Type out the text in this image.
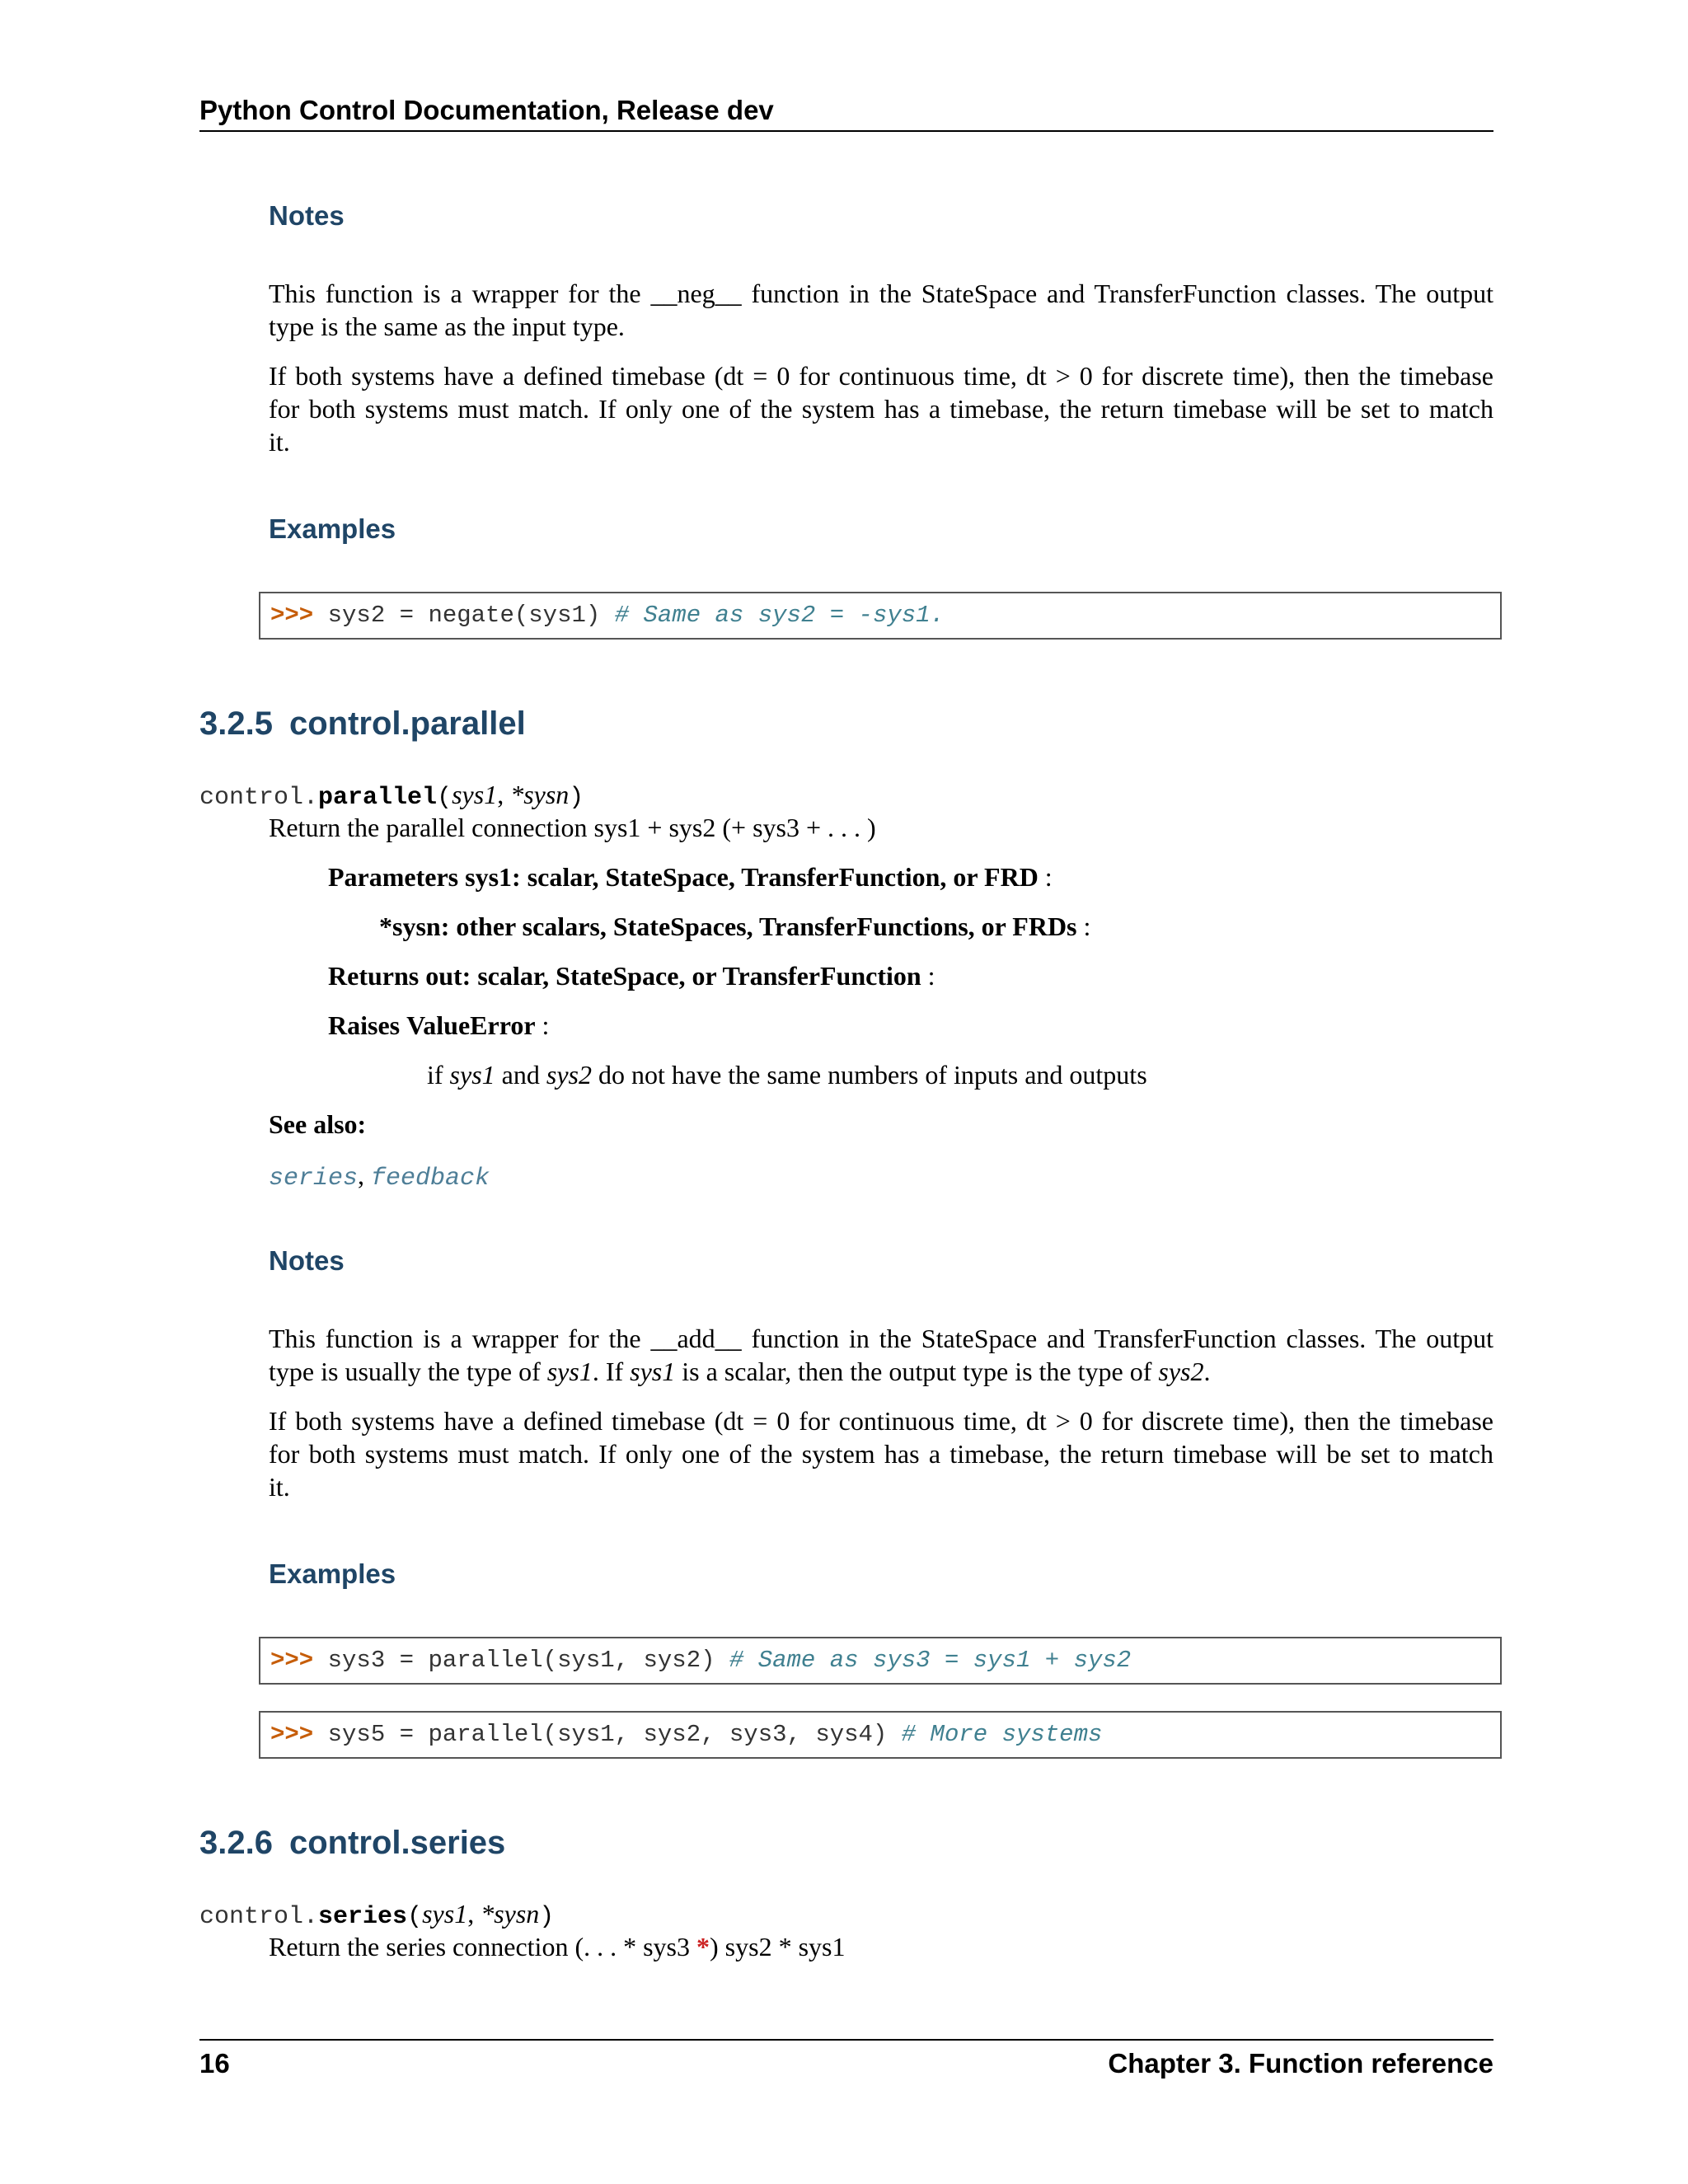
Python Control Documentation, Release dev
Notes
This function is a wrapper for the __neg__ function in the StateSpace and TransferFunction classes. The output
type is the same as the input type.
If both systems have a defined timebase (dt = 0 for continuous time, dt > 0 for discrete time), then the timebase
for both systems must match. If only one of the system has a timebase, the return timebase will be set to match
it.
Examples
>>> sys2 = negate(sys1) # Same as sys2 = -sys1.
3.2.5 control.parallel
control.parallel(sys1, *sysn)
Return the parallel connection sys1 + sys2 (+ sys3 + . . . )
Parameters sys1: scalar, StateSpace, TransferFunction, or FRD :
*sysn: other scalars, StateSpaces, TransferFunctions, or FRDs :
Returns out: scalar, StateSpace, or TransferFunction :
Raises ValueError :
if sys1 and sys2 do not have the same numbers of inputs and outputs
See also:
series, feedback
Notes
This function is a wrapper for the __add__ function in the StateSpace and TransferFunction classes. The output
type is usually the type of sys1. If sys1 is a scalar, then the output type is the type of sys2.
If both systems have a defined timebase (dt = 0 for continuous time, dt > 0 for discrete time), then the timebase
for both systems must match. If only one of the system has a timebase, the return timebase will be set to match
it.
Examples
>>> sys3 = parallel(sys1, sys2) # Same as sys3 = sys1 + sys2
>>> sys5 = parallel(sys1, sys2, sys3, sys4) # More systems
3.2.6 control.series
control.series(sys1, *sysn)
Return the series connection (. . . * sys3 *) sys2 * sys1
16	Chapter 3. Function reference
